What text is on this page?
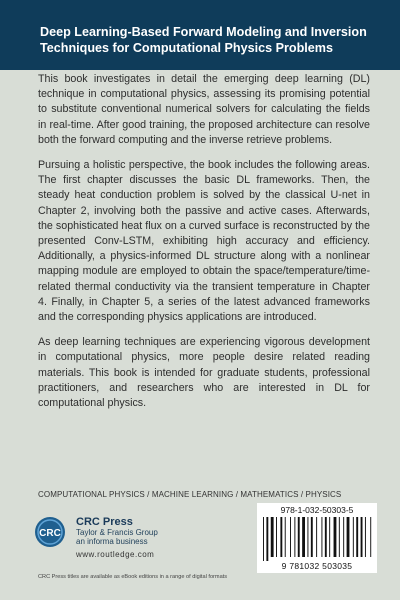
Deep Learning-Based Forward Modeling and Inversion Techniques for Computational Physics Problems

This book investigates in detail the emerging deep learning (DL) technique in computational physics, assessing its promising potential to substitute conventional numerical solvers for calculating the fields in real-time. After good training, the proposed architecture can resolve both the forward computing and the inverse retrieve problems.

Pursuing a holistic perspective, the book includes the following areas. The first chapter discusses the basic DL frameworks. Then, the steady heat conduction problem is solved by the classical U-net in Chapter 2, involving both the passive and active cases. Afterwards, the sophisticated heat flux on a curved surface is reconstructed by the presented Conv-LSTM, exhibiting high accuracy and efficiency. Additionally, a physics-informed DL structure along with a nonlinear mapping module are employed to obtain the space/temperature/time-related thermal conductivity via the transient temperature in Chapter 4. Finally, in Chapter 5, a series of the latest advanced frameworks and the corresponding physics applications are introduced.

As deep learning techniques are experiencing vigorous development in computational physics, more people desire related reading materials. This book is intended for graduate students, professional practitioners, and researchers who are interested in DL for computational physics.

COMPUTATIONAL PHYSICS / MACHINE LEARNING / MATHEMATICS / PHYSICS
CRC
CRC Press
Taylor & Francis Group
an informa business
www.routledge.com
CRC Press titles are available as eBook editions in a range of digital formats
978-1-032-50303-5
9 781032 503035
